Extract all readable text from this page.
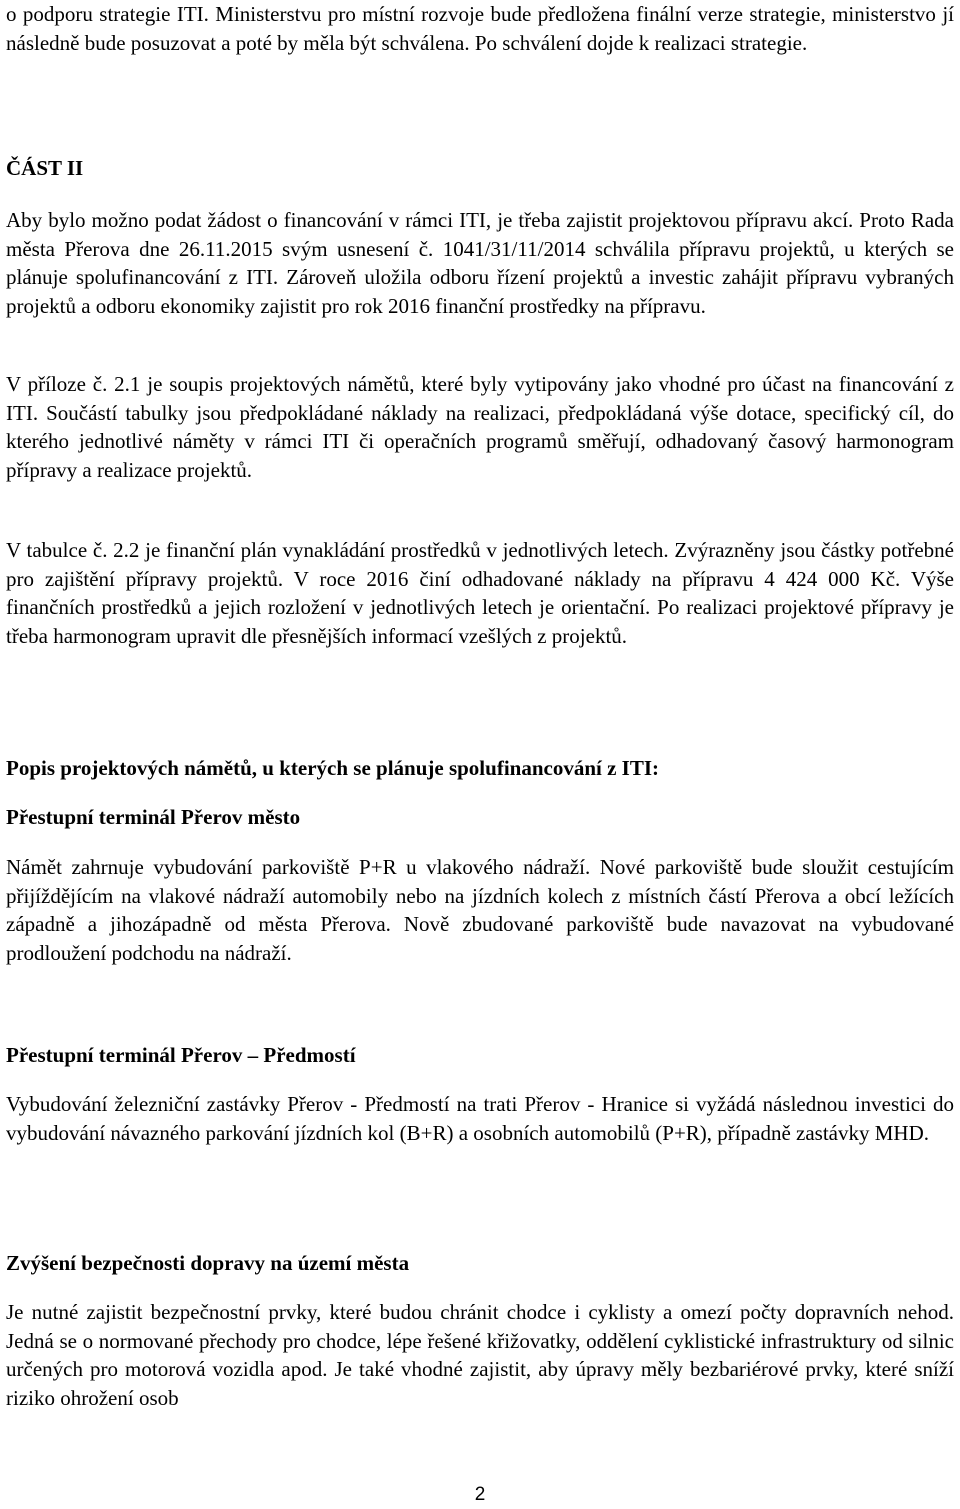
o podporu strategie ITI. Ministerstvu pro místní rozvoje bude předložena finální verze strategie, ministerstvo jí následně bude posuzovat a poté by měla být schválena. Po schválení dojde k realizaci strategie.

ČÁST II

Aby bylo možno podat žádost o financování v rámci ITI, je třeba zajistit projektovou přípravu akcí. Proto Rada města Přerova dne 26.11.2015 svým usnesení č. 1041/31/11/2014 schválila přípravu projektů, u kterých se plánuje spolufinancování z ITI. Zároveň uložila odboru řízení projektů a investic zahájit přípravu vybraných projektů a odboru ekonomiky zajistit pro rok 2016 finanční prostředky na přípravu.

V příloze č. 2.1 je soupis projektových námětů, které byly vytipovány jako vhodné pro účast na financování z ITI. Součástí tabulky jsou předpokládané náklady na realizaci, předpokládaná výše dotace, specifický cíl, do kterého jednotlivé náměty v rámci ITI či operačních programů směřují, odhadovaný časový harmonogram přípravy a realizace projektů.

V tabulce č. 2.2 je finanční plán vynakládání prostředků v jednotlivých letech. Zvýrazněny jsou částky potřebné pro zajištění přípravy projektů. V roce 2016 činí odhadované náklady na přípravu 4 424 000 Kč. Výše finančních prostředků a jejich rozložení v jednotlivých letech je orientační. Po realizaci projektové přípravy je třeba harmonogram upravit dle přesnějších informací vzešlých z projektů.

Popis projektových námětů, u kterých se plánuje spolufinancování z ITI:
Přestupní terminál Přerov město

Námět zahrnuje vybudování parkoviště P+R u vlakového nádraží. Nové parkoviště bude sloužit cestujícím přijíždějícím na vlakové nádraží automobily nebo na jízdních kolech z místních částí Přerova a obcí ležících západně a jihozápadně od města Přerova. Nově zbudované parkoviště bude navazovat na vybudované prodloužení podchodu na nádraží.

Přestupní terminál Přerov – Předmostí

Vybudování železniční zastávky Přerov - Předmostí na trati Přerov - Hranice si vyžádá následnou investici do vybudování návazného parkování jízdních kol (B+R) a osobních automobilů (P+R), případně zastávky MHD.

Zvýšení bezpečnosti dopravy na území města

Je nutné zajistit bezpečnostní prvky, které budou chránit chodce i cyklisty a omezí počty dopravních nehod. Jedná se o normované přechody pro chodce, lépe řešené křižovatky, oddělení cyklistické infrastruktury od silnic určených pro motorová vozidla apod. Je také vhodné zajistit, aby úpravy měly bezbariérové prvky, které sníží riziko ohrožení osob

2
